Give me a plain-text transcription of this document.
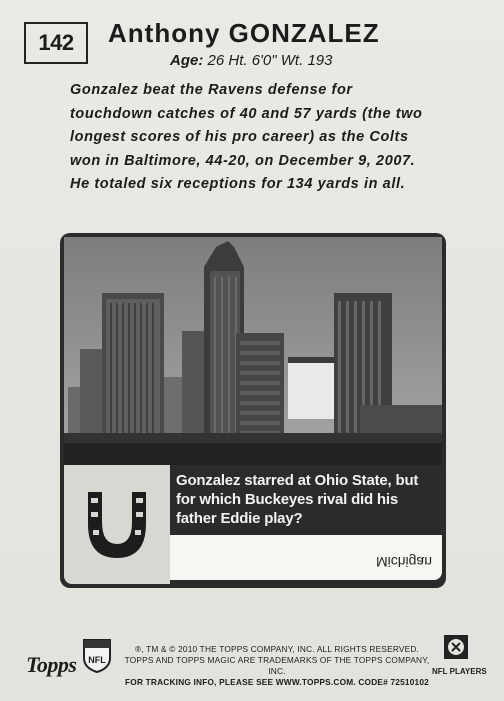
142 Anthony GONZALEZ
Age: 26 Ht. 6'0" Wt. 193
Gonzalez beat the Ravens defense for
touchdown catches of 40 and 57 yards (the two
longest scores of his pro career) as the Colts
won in Baltimore, 44-20, on December 9, 2007.
He totaled six receptions for 134 yards in all.
Gonzalez starred at Ohio State, but for which Buckeyes rival did his father Eddie play?
Michigan
Topps NFL
®, TM & © 2010 THE TOPPS COMPANY, INC. ALL RIGHTS RESERVED.
TOPPS AND TOPPS MAGIC ARE TRADEMARKS OF THE TOPPS COMPANY, INC.
FOR TRACKING INFO, PLEASE SEE WWW.TOPPS.COM. CODE# 72510102
NFL PLAYERS
